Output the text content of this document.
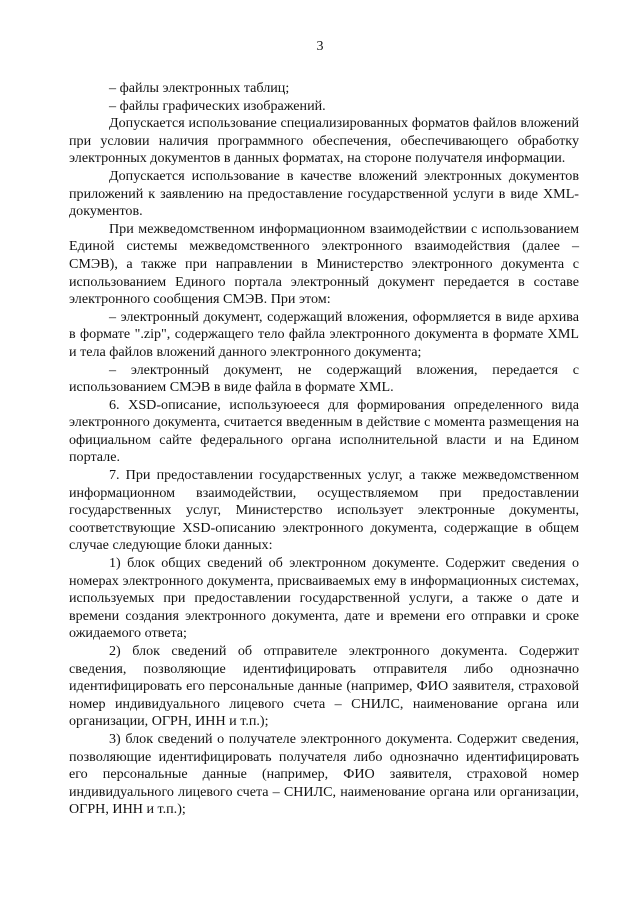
3

– файлы электронных таблиц;

– файлы графических изображений.

Допускается использование специализированных форматов файлов вложений при условии наличия программного обеспечения, обеспечивающего обработку электронных документов в данных форматах, на стороне получателя информации.

Допускается использование в качестве вложений электронных документов приложений к заявлению на предоставление государственной услуги в виде XML-документов.

При межведомственном информационном взаимодействии с использованием Единой системы межведомственного электронного взаимодействия (далее – СМЭВ), а также при направлении в Министерство электронного документа с использованием Единого портала электронный документ передается в составе электронного сообщения СМЭВ. При этом:

– электронный документ, содержащий вложения, оформляется в виде архива в формате ".zip", содержащего тело файла электронного документа в формате XML и тела файлов вложений данного электронного документа;

– электронный документ, не содержащий вложения, передается с использованием СМЭВ в виде файла в формате XML.

6. XSD-описание, используюееся для формирования определенного вида электронного документа, считается введенным в действие с момента размещения на официальном сайте федерального органа исполнительной власти и на Едином портале.

7. При предоставлении государственных услуг, а также межведомственном информационном взаимодействии, осуществляемом при предоставлении государственных услуг, Министерство использует электронные документы, соответствующие XSD-описанию электронного документа, содержащие в общем случае следующие блоки данных:

1) блок общих сведений об электронном документе. Содержит сведения о номерах электронного документа, присваиваемых ему в информационных системах, используемых при предоставлении государственной услуги, а также о дате и времени создания электронного документа, дате и времени его отправки и сроке ожидаемого ответа;

2) блок сведений об отправителе электронного документа. Содержит сведения, позволяющие идентифицировать отправителя либо однозначно идентифицировать его персональные данные (например, ФИО заявителя, страховой номер индивидуального лицевого счета – СНИЛС, наименование органа или организации, ОГРН, ИНН и т.п.);

3) блок сведений о получателе электронного документа. Содержит сведения, позволяющие идентифицировать получателя либо однозначно идентифицировать его персональные данные (например, ФИО заявителя, страховой номер индивидуального лицевого счета – СНИЛС, наименование органа или организации, ОГРН, ИНН и т.п.);
